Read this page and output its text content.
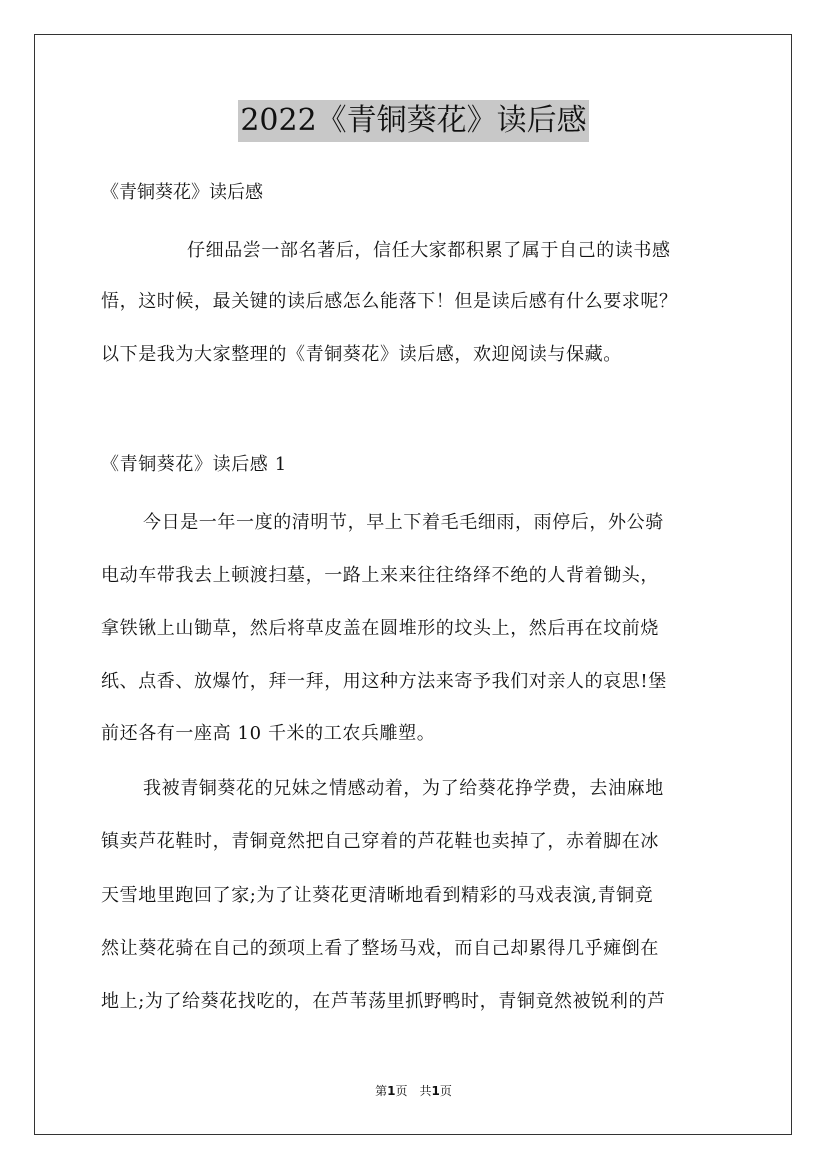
2022《青铜葵花》读后感
《青铜葵花》读后感
仔细品尝一部名著后，信任大家都积累了属于自己的读书感
悟，这时候，最关键的读后感怎么能落下！但是读后感有什么要求呢？
以下是我为大家整理的《青铜葵花》读后感，欢迎阅读与保藏。
《青铜葵花》读后感 1
今日是一年一度的清明节，早上下着毛毛细雨，雨停后，外公骑
电动车带我去上顿渡扫墓，一路上来来往往络绎不绝的人背着锄头，
拿铁锹上山锄草，然后将草皮盖在圆堆形的坟头上，然后再在坟前烧
纸、点香、放爆竹，拜一拜，用这种方法来寄予我们对亲人的哀思!堡
前还各有一座高 10 千米的工农兵雕塑。
我被青铜葵花的兄妹之情感动着，为了给葵花挣学费，去油麻地
镇卖芦花鞋时，青铜竟然把自己穿着的芦花鞋也卖掉了，赤着脚在冰
天雪地里跑回了家;为了让葵花更清晰地看到精彩的马戏表演,青铜竟
然让葵花骑在自己的颈项上看了整场马戏，而自己却累得几乎瘫倒在
地上;为了给葵花找吃的，在芦苇荡里抓野鸭时，青铜竟然被锐利的芦
第1页　共1页
